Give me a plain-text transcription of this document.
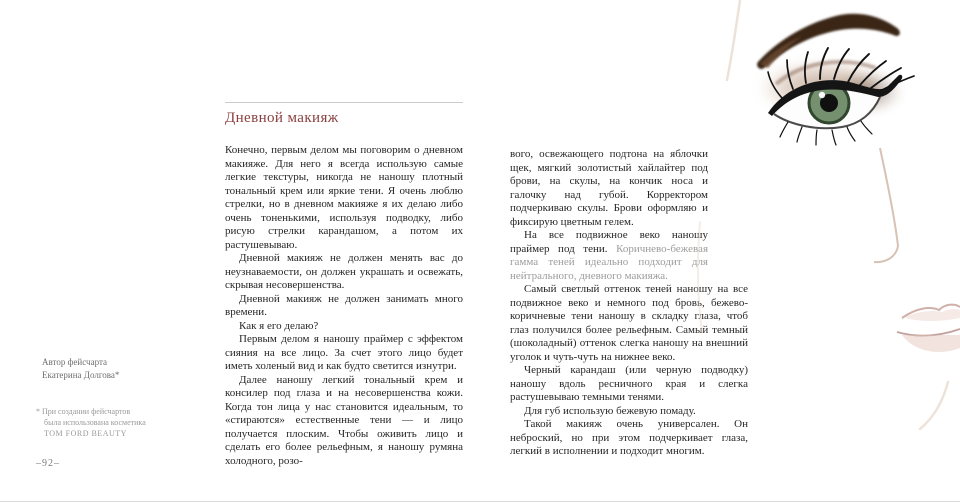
Автор фейсчарта
Екатерина Долгова*
* При создании фейсчартов
была использована косметика
TOM FORD BEAUTY
–92–
Дневной макияж

Конечно, первым делом мы поговорим о дневном макияже. Для него я всегда использую самые легкие текстуры, никогда не наношу плотный тональный крем или яркие тени. Я очень люблю стрелки, но в дневном макияже я их делаю либо очень тоненькими, используя подводку, либо рисую стрелки карандашом, а потом их растушевываю.

Дневной макияж не должен менять вас до неузнаваемости, он должен украшать и освежать, скрывая несовершенства.

Дневной макияж не должен занимать много времени.

Как я его делаю?

Первым делом я наношу праймер с эффектом сияния на все лицо. За счет этого лицо будет иметь холеный вид и как будто светится изнутри.

Далее наношу легкий тональный крем и консилер под глаза и на несовершенства кожи. Когда тон лица у нас становится идеальным, то «стираются» естественные тени — и лицо получается плоским. Чтобы оживить лицо и сделать его более рельефным, я наношу румяна холодного, розо-

вого, освежающего подтона на яблочки щек, мягкий золотистый хайлайтер под брови, на скулы, на кончик носа и галочку над губой. Корректором подчеркиваю скулы. Брови оформляю и фиксирую цветным гелем.

На все подвижное веко наношу праймер под тени. Коричнево-бежевая гамма теней идеально подходит для нейтрального, дневного макияжа.

Самый светлый оттенок теней наношу на все подвижное веко и немного под бровь, бежево-коричневые тени наношу в складку глаза, чтоб глаз получился более рельефным. Самый темный (шоколадный) оттенок слегка наношу на внешний уголок и чуть-чуть на нижнее веко.

Черный карандаш (или черную подводку) наношу вдоль ресничного края и слегка растушевываю темными тенями.

Для губ использую бежевую помаду.

Такой макияж очень универсален. Он неброский, но при этом подчеркивает глаза, легкий в исполнении и подходит многим.
